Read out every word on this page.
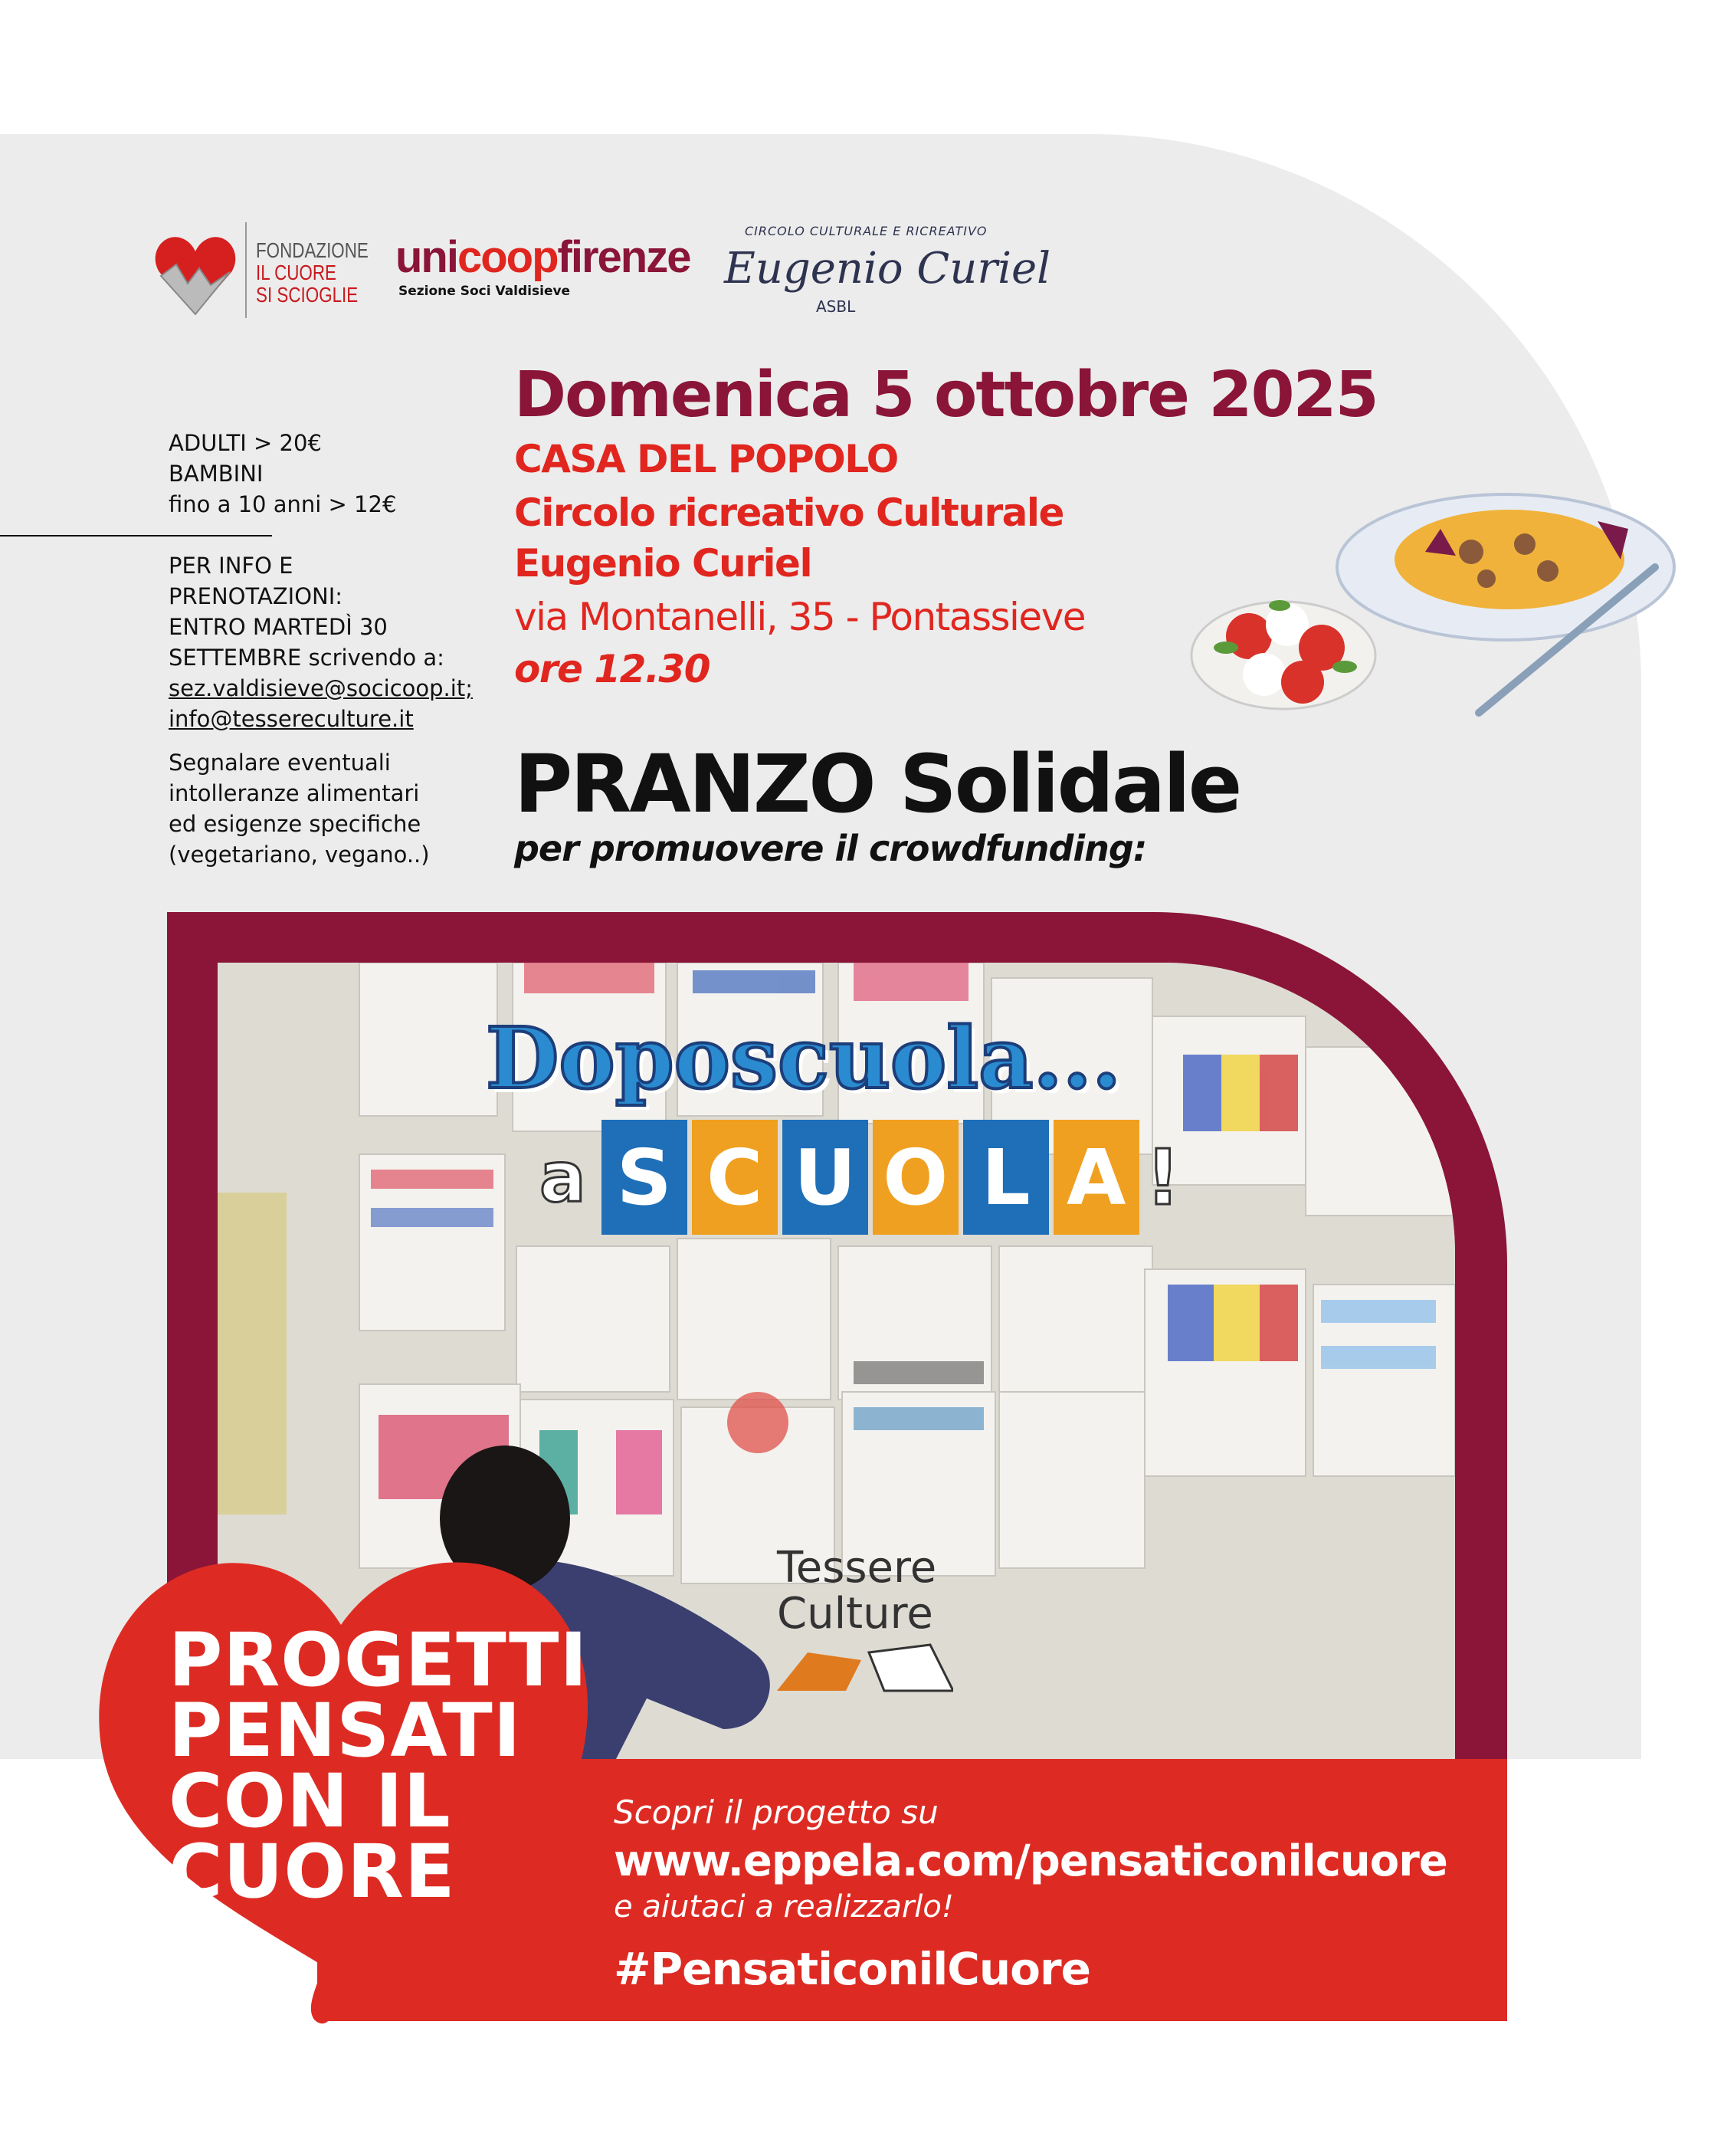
FONDAZIONE
IL CUORE
SI SCIOGLIE
unicoopfirenze
Sezione Soci Valdisieve
CIRCOLO CULTURALE E RICREATIVO
Eugenio Curiel
ASBL
ADULTI > 20€
BAMBINI
fino a 10 anni > 12€
PER INFO E
PRENOTAZIONI:
ENTRO MARTEDÌ 30
SETTEMBRE scrivendo a:
sez.valdisieve@socicoop.it;
info@tessereculture.it
Segnalare eventuali
intolleranze alimentari
ed esigenze specifiche
(vegetariano, vegano..)
Domenica 5 ottobre 2025
CASA DEL POPOLO
Circolo ricreativo Culturale
Eugenio Curiel
via Montanelli, 35 - Pontassieve
ore 12.30
PRANZO Solidale
per promuovere il crowdfunding:
Doposcuola...
a S C U O L A !
Tessere
Culture
PROGETTI
PENSATI
CON IL
CUORE
Scopri il progetto su
www.eppela.com/pensaticonilcuore
e aiutaci a realizzarlo!
#PensaticonilCuore
